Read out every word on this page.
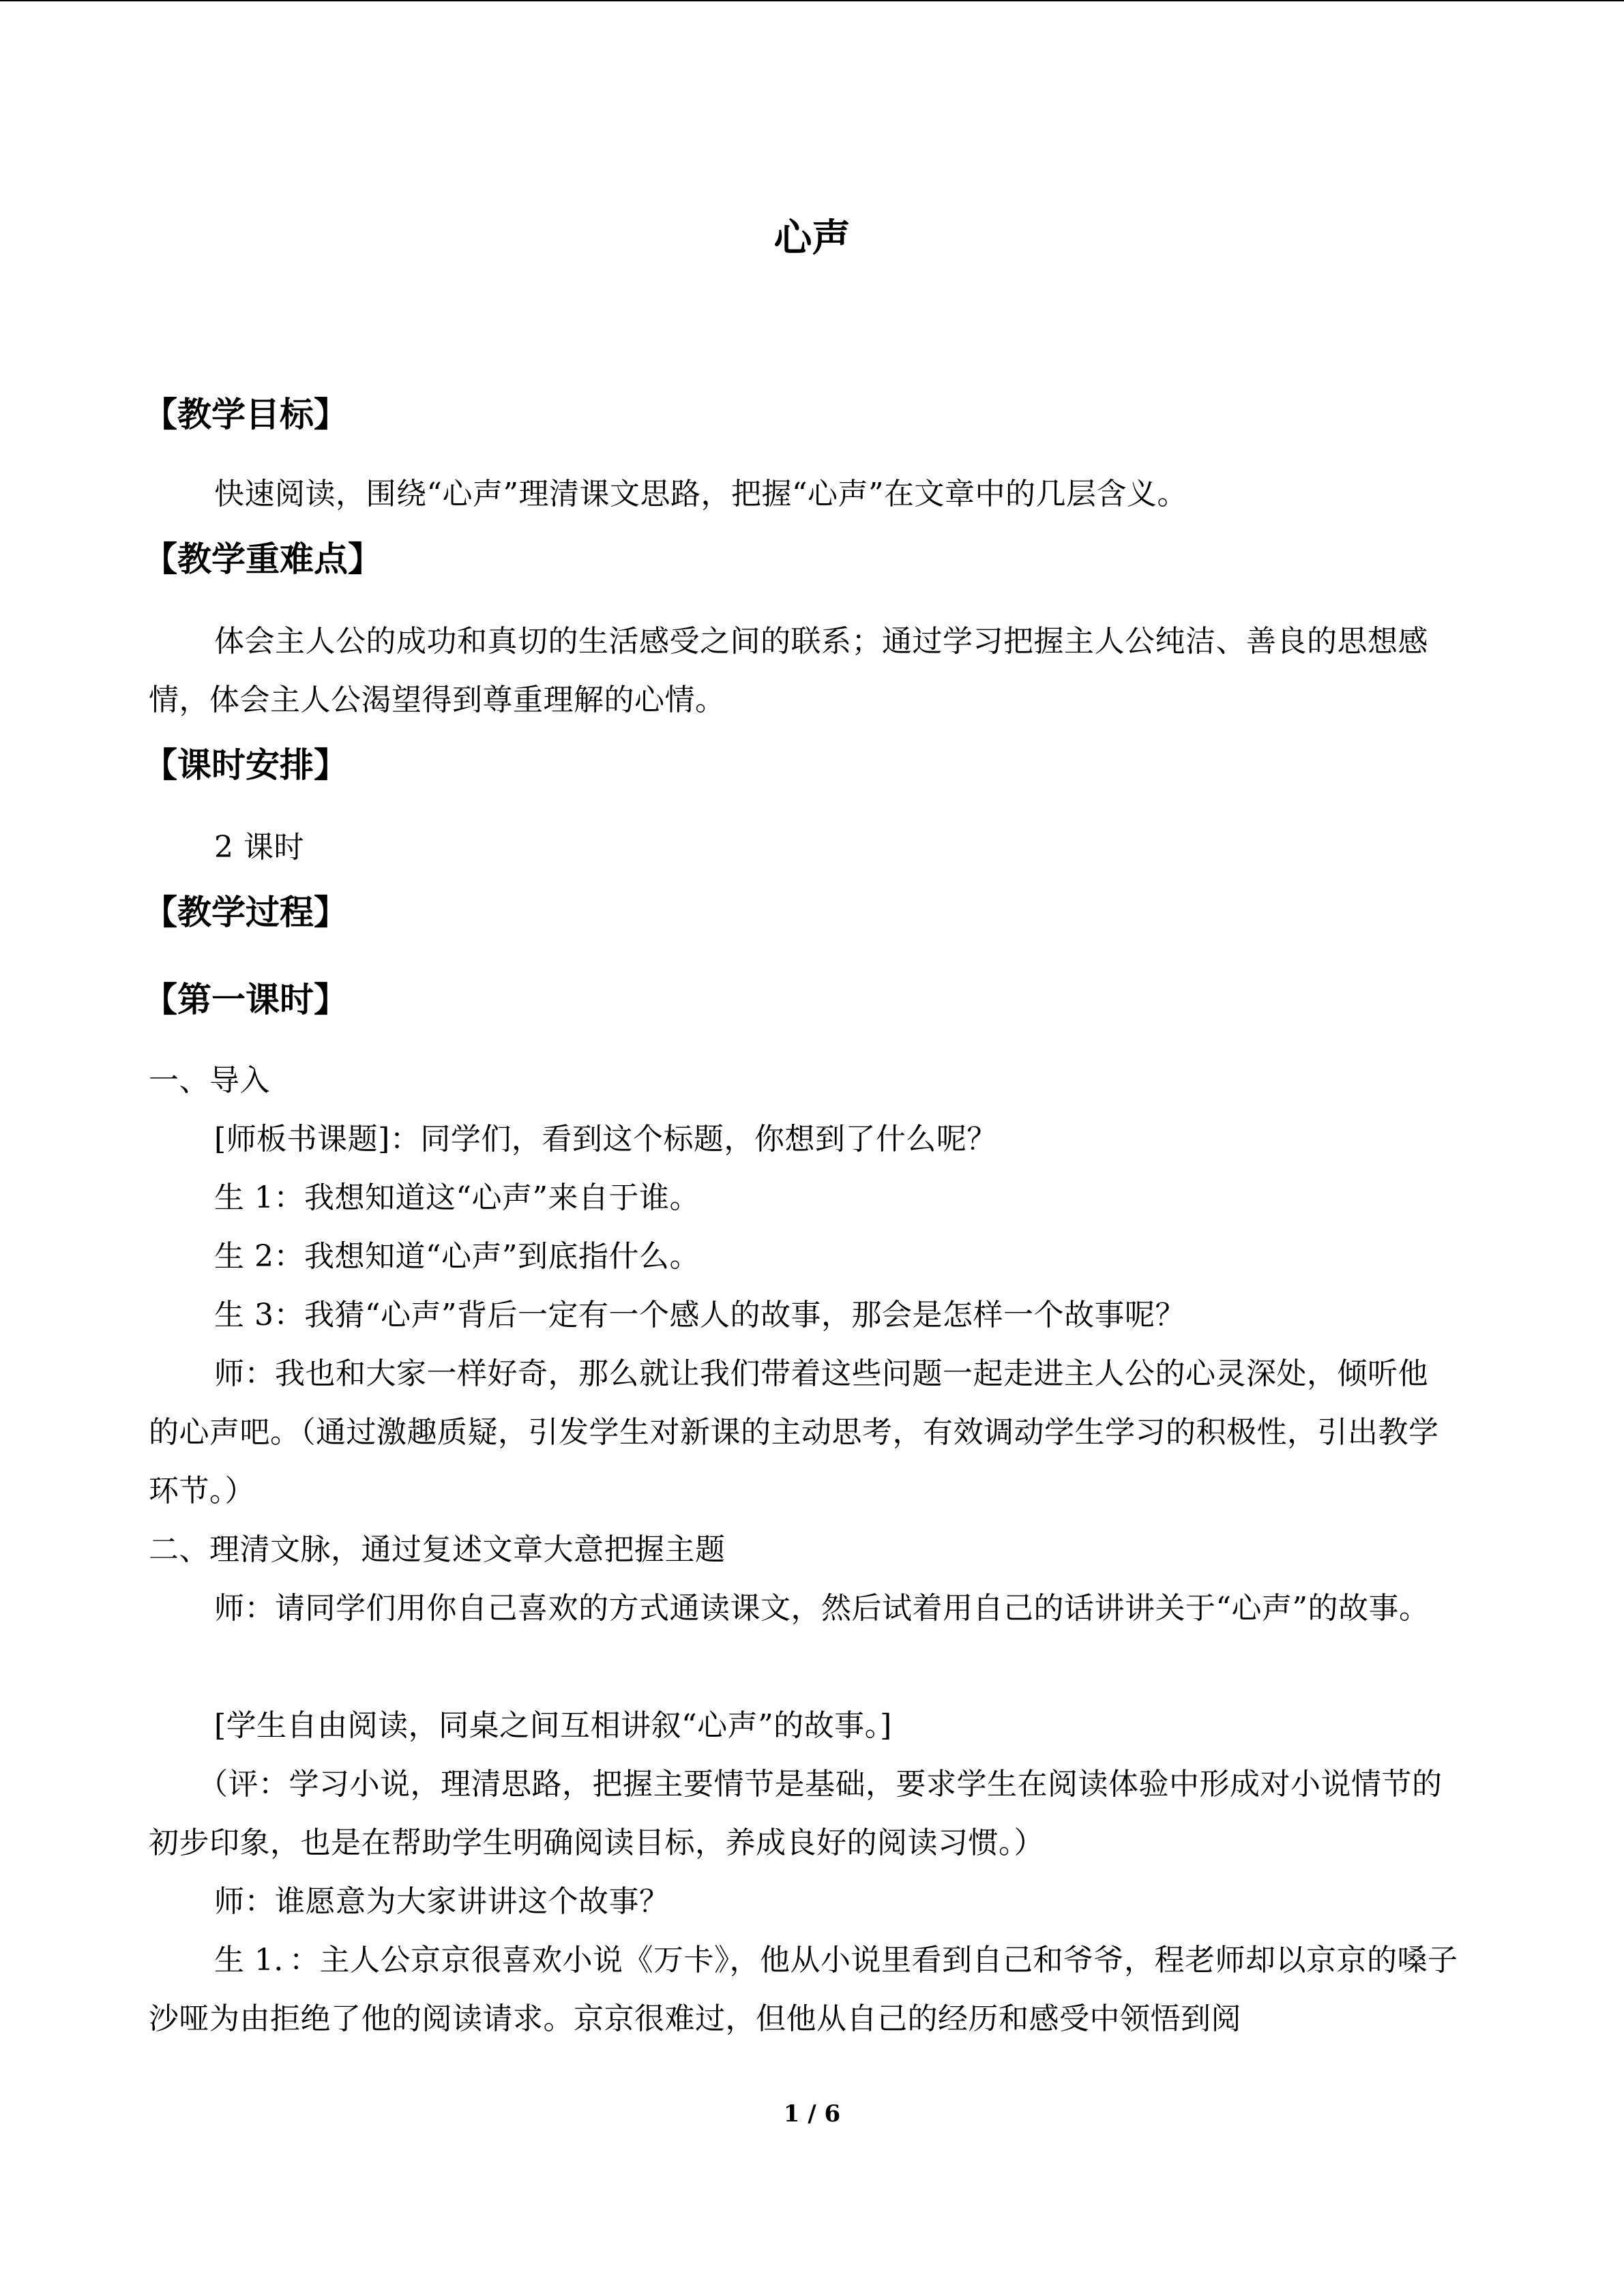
心声
【教学目标】
快速阅读，围绕“心声”理清课文思路，把握“心声”在文章中的几层含义。
【教学重难点】
体会主人公的成功和真切的生活感受之间的联系；通过学习把握主人公纯洁、善良的思想感情，体会主人公渴望得到尊重理解的心情。
【课时安排】
2 课时
【教学过程】
【第一课时】
一、导入
[师板书课题]：同学们，看到这个标题，你想到了什么呢？
生 1：我想知道这“心声”来自于谁。
生 2：我想知道“心声”到底指什么。
生 3：我猜“心声”背后一定有一个感人的故事，那会是怎样一个故事呢？
师：我也和大家一样好奇，那么就让我们带着这些问题一起走进主人公的心灵深处，倾听他的心声吧。（通过激趣质疑，引发学生对新课的主动思考，有效调动学生学习的积极性，引出教学环节。）
二、理清文脉，通过复述文章大意把握主题
师：请同学们用你自己喜欢的方式通读课文，然后试着用自己的话讲讲关于“心声”的故事。
[学生自由阅读，同桌之间互相讲叙“心声”的故事。]
（评：学习小说，理清思路，把握主要情节是基础，要求学生在阅读体验中形成对小说情节的初步印象，也是在帮助学生明确阅读目标，养成良好的阅读习惯。）
师：谁愿意为大家讲讲这个故事？
生 1．：主人公京京很喜欢小说《万卡》，他从小说里看到自己和爷爷，程老师却以京京的嗓子沙哑为由拒绝了他的阅读请求。京京很难过，但他从自己的经历和感受中领悟到阅
1 / 6
